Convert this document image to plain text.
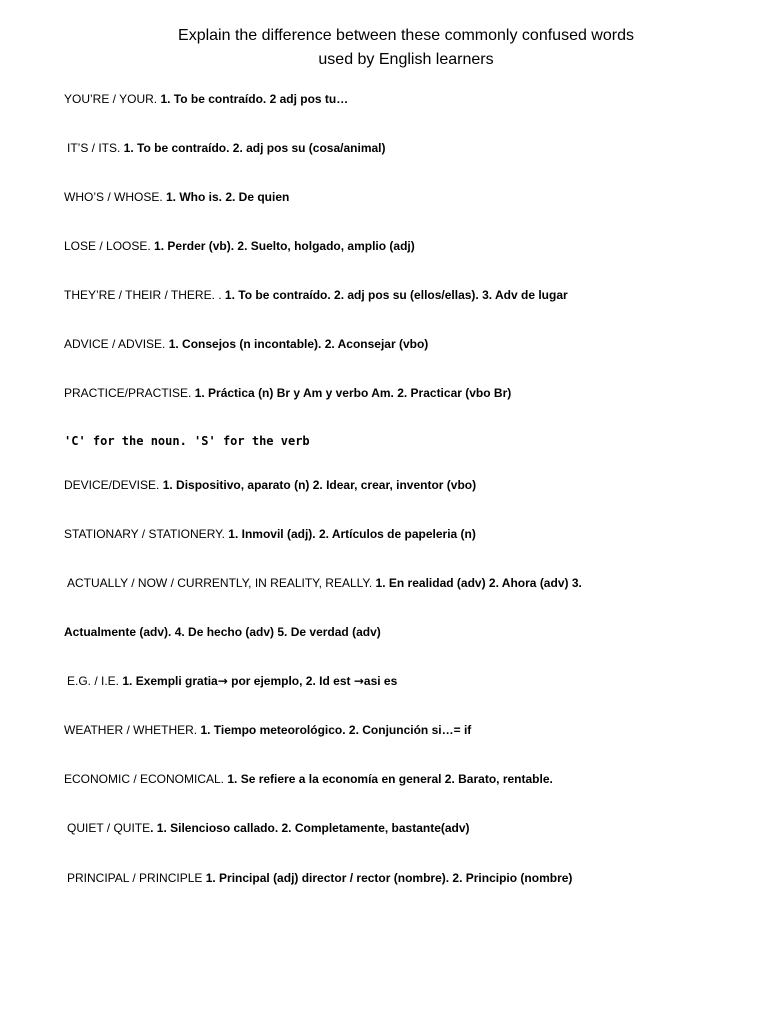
Explain the difference between these commonly confused words
used by English learners
YOU’RE / YOUR. 1. To be contraído. 2 adj pos tu…
IT’S / ITS. 1. To be contraído. 2. adj pos su (cosa/animal)
WHO’S / WHOSE. 1. Who is. 2. De quien
LOSE / LOOSE. 1. Perder (vb). 2. Suelto, holgado, amplio (adj)
THEY’RE / THEIR / THERE. . 1. To be contraído. 2. adj pos su (ellos/ellas). 3. Adv de lugar
ADVICE / ADVISE. 1. Consejos (n incontable). 2. Aconsejar (vbo)
PRACTICE/PRACTISE. 1. Práctica (n) Br y Am y verbo Am. 2. Practicar (vbo Br)
'C' for the noun. 'S' for the verb
DEVICE/DEVISE. 1. Dispositivo, aparato (n) 2. Idear, crear, inventor (vbo)
STATIONARY / STATIONERY. 1. Inmovil (adj). 2. Artículos de papeleria (n)
ACTUALLY / NOW / CURRENTLY, IN REALITY, REALLY. 1. En realidad (adv) 2. Ahora (adv) 3.
Actualmente (adv). 4. De hecho (adv) 5. De verdad (adv)
E.G. / I.E. 1. Exempli gratia→ por ejemplo, 2. Id est →asi es
WEATHER / WHETHER. 1. Tiempo meteorológico. 2. Conjunción si…= if
ECONOMIC / ECONOMICAL. 1. Se refiere a la economía en general 2. Barato, rentable.
QUIET / QUITE. 1. Silencioso callado. 2. Completamente, bastante(adv)
PRINCIPAL / PRINCIPLE 1. Principal (adj) director / rector (nombre). 2. Principio (nombre)
